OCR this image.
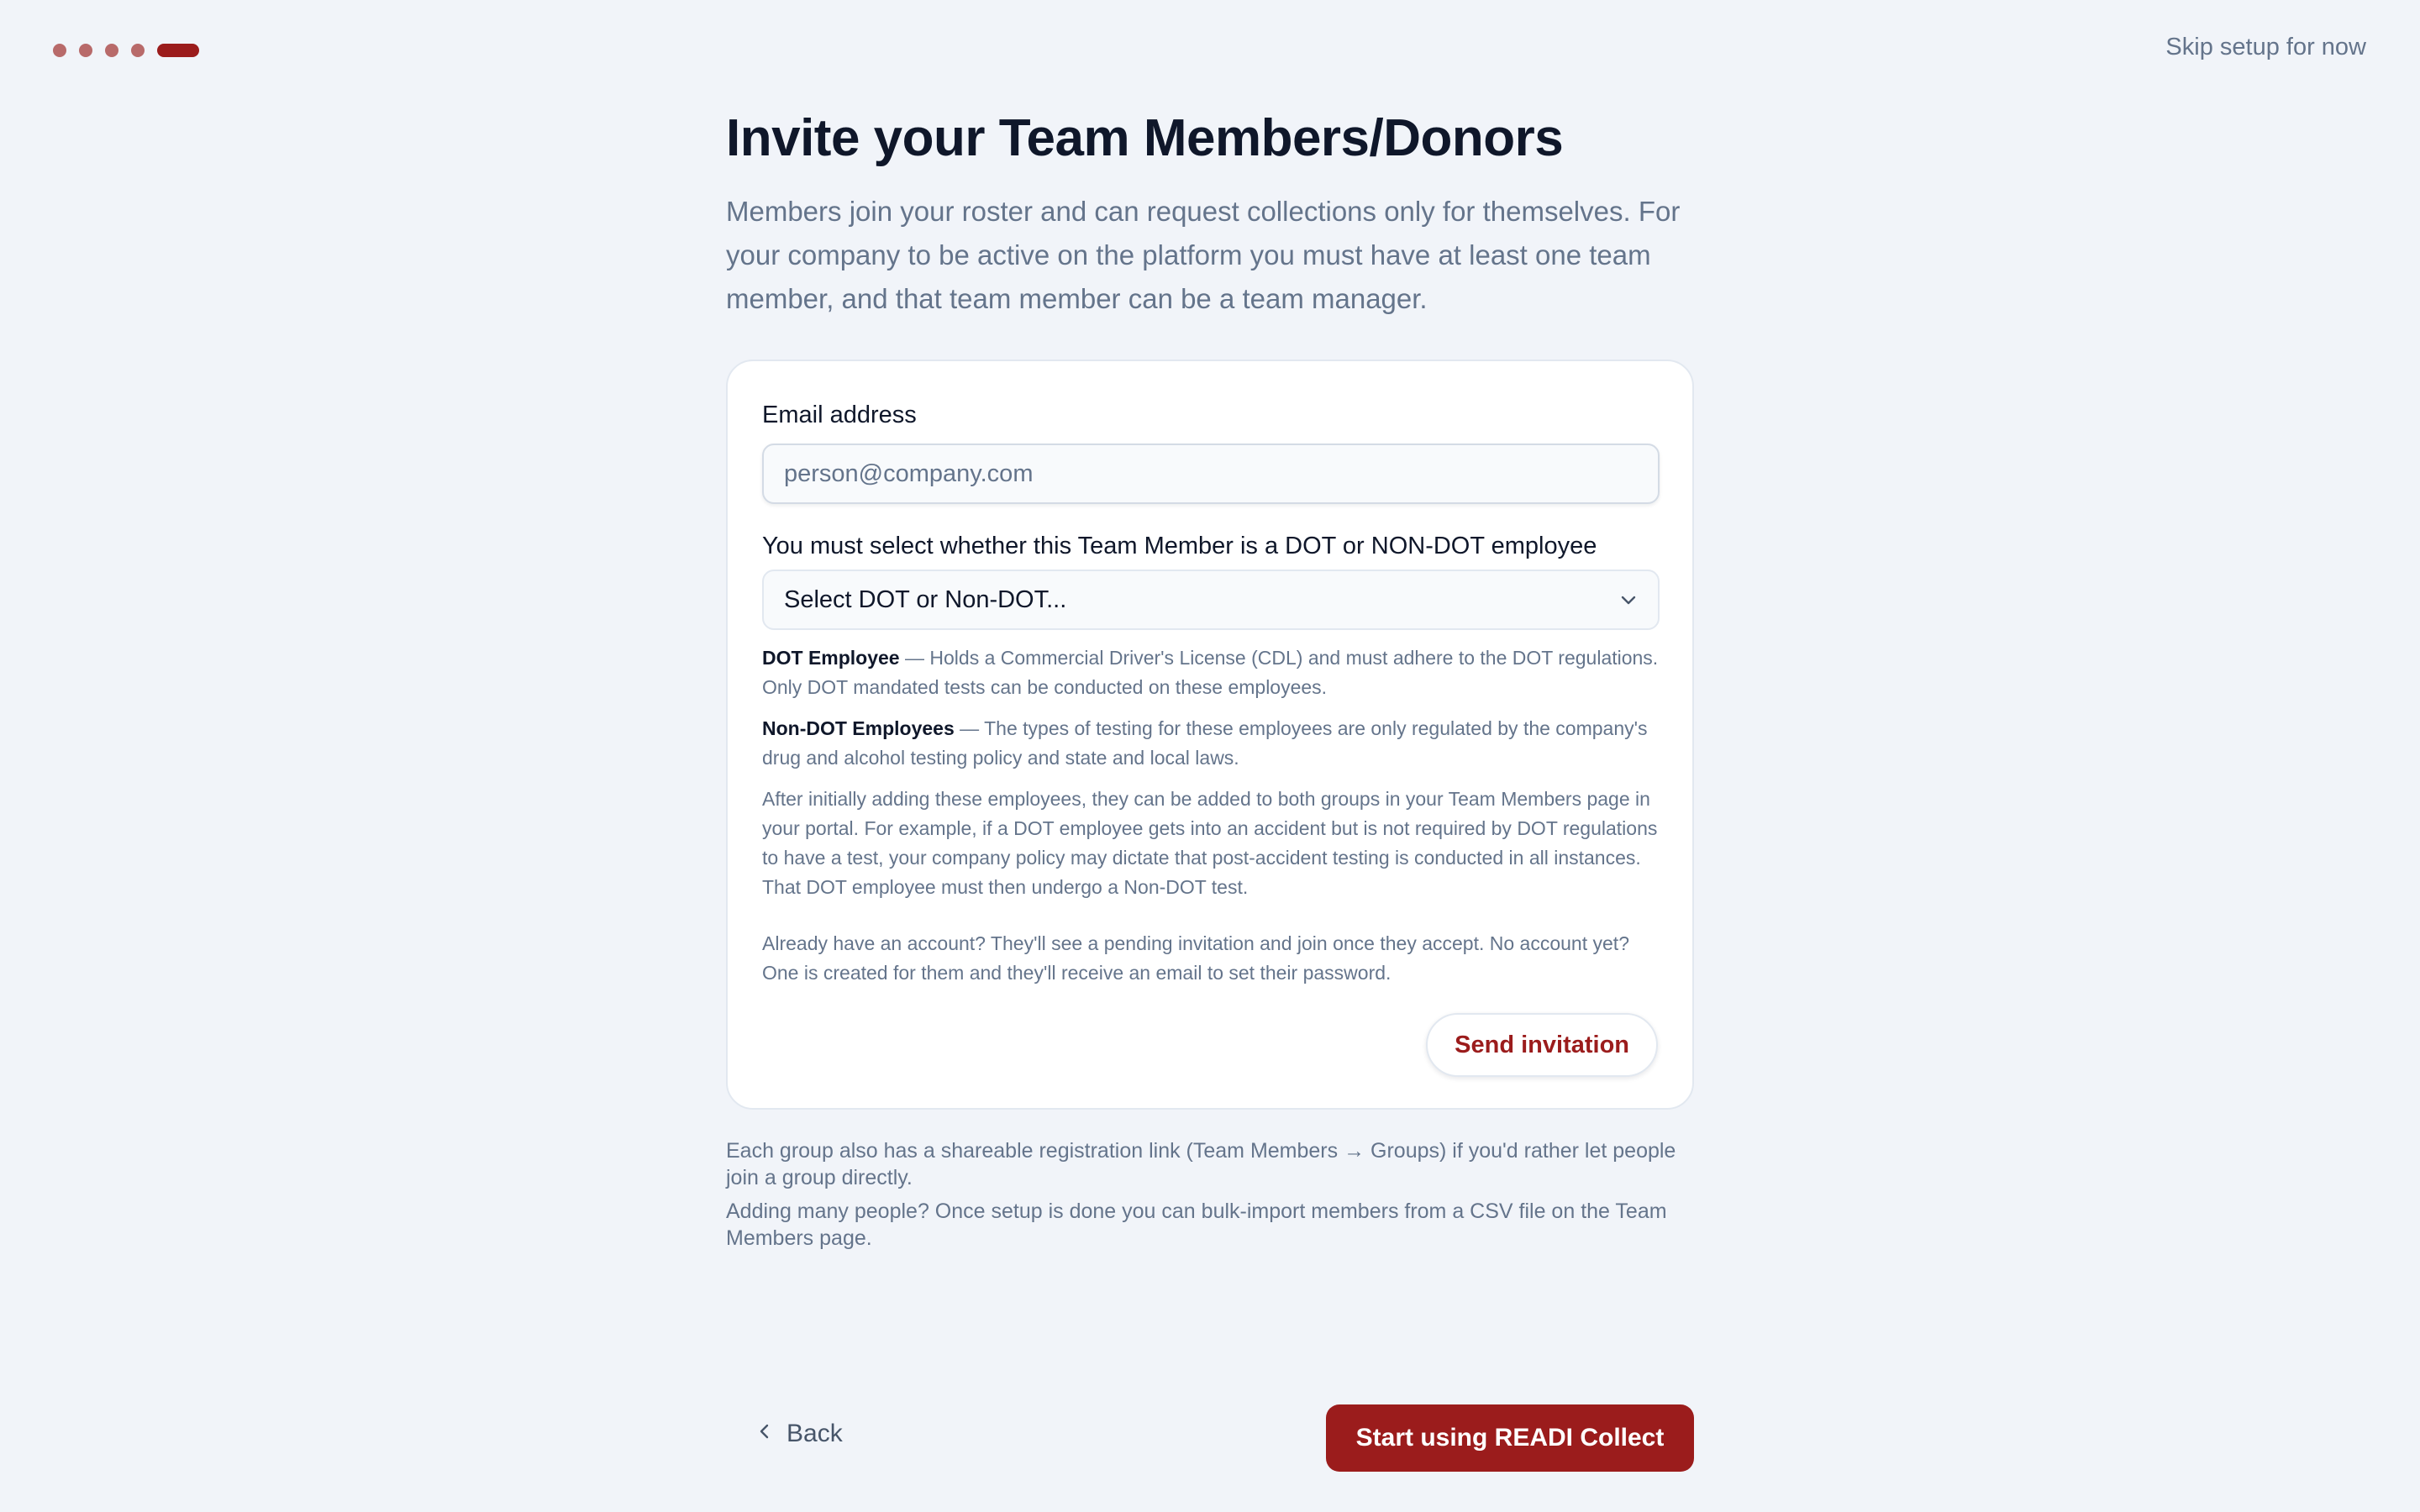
Skip setup for now
Invite your Team Members/Donors

Members join your roster and can request collections only for themselves. For your company to be active on the platform you must have at least one team member, and that team member can be a team manager.

Email address
person@company.com
You must select whether this Team Member is a DOT or NON-DOT employee
Select DOT or Non-DOT...

DOT Employee — Holds a Commercial Driver's License (CDL) and must adhere to the DOT regulations. Only DOT mandated tests can be conducted on these employees.

Non-DOT Employees — The types of testing for these employees are only regulated by the company's drug and alcohol testing policy and state and local laws.

After initially adding these employees, they can be added to both groups in your Team Members page in your portal. For example, if a DOT employee gets into an accident but is not required by DOT regulations to have a test, your company policy may dictate that post-accident testing is conducted in all instances. That DOT employee must then undergo a Non-DOT test.

Already have an account? They'll see a pending invitation and join once they accept. No account yet? One is created for them and they'll receive an email to set their password.

Send invitation

Each group also has a shareable registration link (Team Members → Groups) if you'd rather let people join a group directly.

Adding many people? Once setup is done you can bulk-import members from a CSV file on the Team Members page.

Back	Start using READI Collect
